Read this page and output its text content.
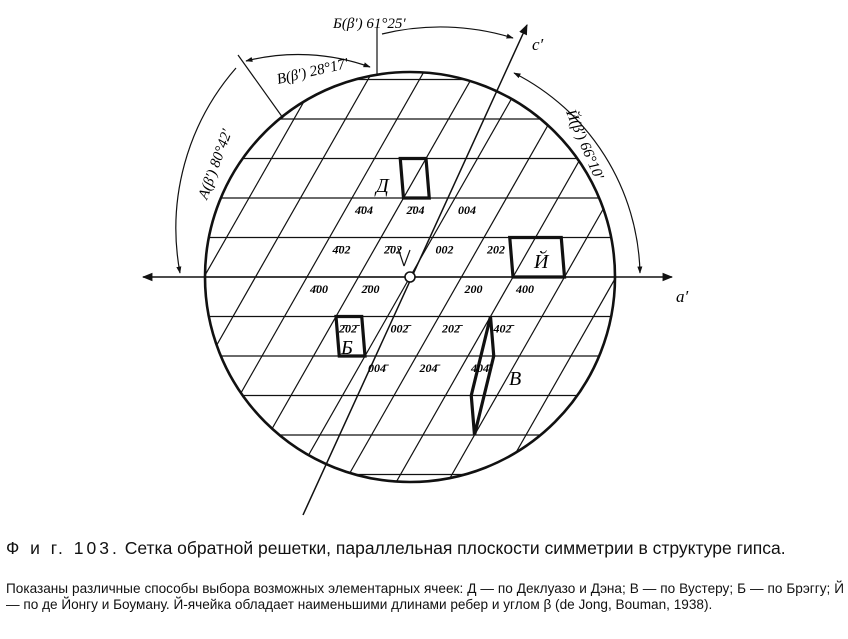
a′
c′
Б(β′) 61°25′
В(β′) 28°17′
А(β′) 80°42′	Й(β′) 66°10′
Д
Й
Б
В
4̄04	2̄04	004
4̄02	2̄02	002	202
4̄00	2̄00	200	400
2̄02̄	002̄	202̄	402̄
004̄	204̄	404̄
Ф и г. 103. Сетка обратной решетки, параллельная плоскости симметрии в структуре гипса.
Показаны различные способы выбора возможных элементарных ячеек: Д — по Деклуазо и Дэна; В — по Вустеру; Б — по Брэггу; Й — по де Йонгу и Боуману. Й-ячейка обладает наименьшими длинами ребер и углом β (de Jong, Bouman, 1938).
